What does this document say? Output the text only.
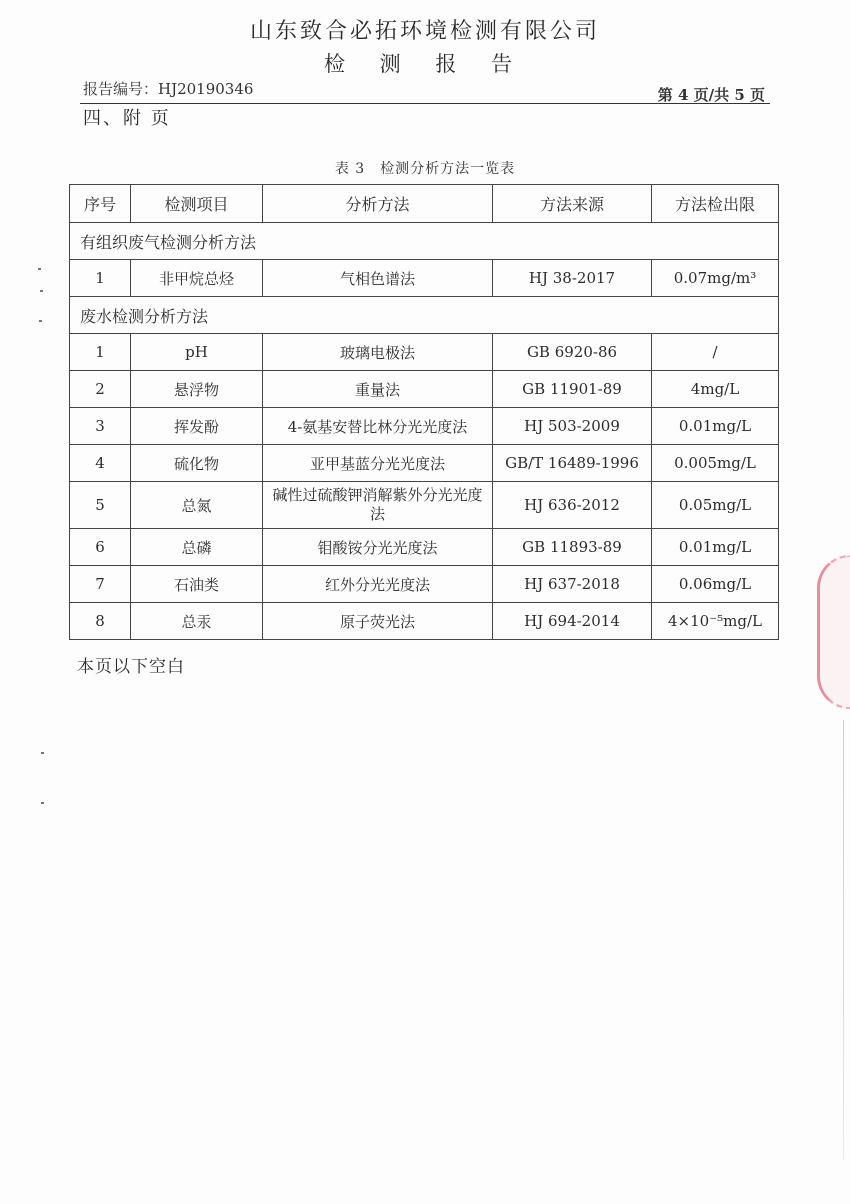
山东致合必拓环境检测有限公司
检 测 报 告
报告编号：HJ20190346	第 4 页/共 5 页
四、附 页
表 3　检测分析方法一览表
序号	检测项目	分析方法	方法来源	方法检出限
有组织废气检测分析方法				
1	非甲烷总烃	气相色谱法	HJ 38-2017	0.07mg/m³
废水检测分析方法				
1	pH	玻璃电极法	GB 6920-86	/
2	悬浮物	重量法	GB 11901-89	4mg/L
3	挥发酚	4-氨基安替比林分光光度法	HJ 503-2009	0.01mg/L
4	硫化物	亚甲基蓝分光光度法	GB/T 16489-1996	0.005mg/L
5	总氮	碱性过硫酸钾消解紫外分光光度法	HJ 636-2012	0.05mg/L
6	总磷	钼酸铵分光光度法	GB 11893-89	0.01mg/L
7	石油类	红外分光光度法	HJ 637-2018	0.06mg/L
8	总汞	原子荧光法	HJ 694-2014	4×10⁻⁵mg/L
本页以下空白
